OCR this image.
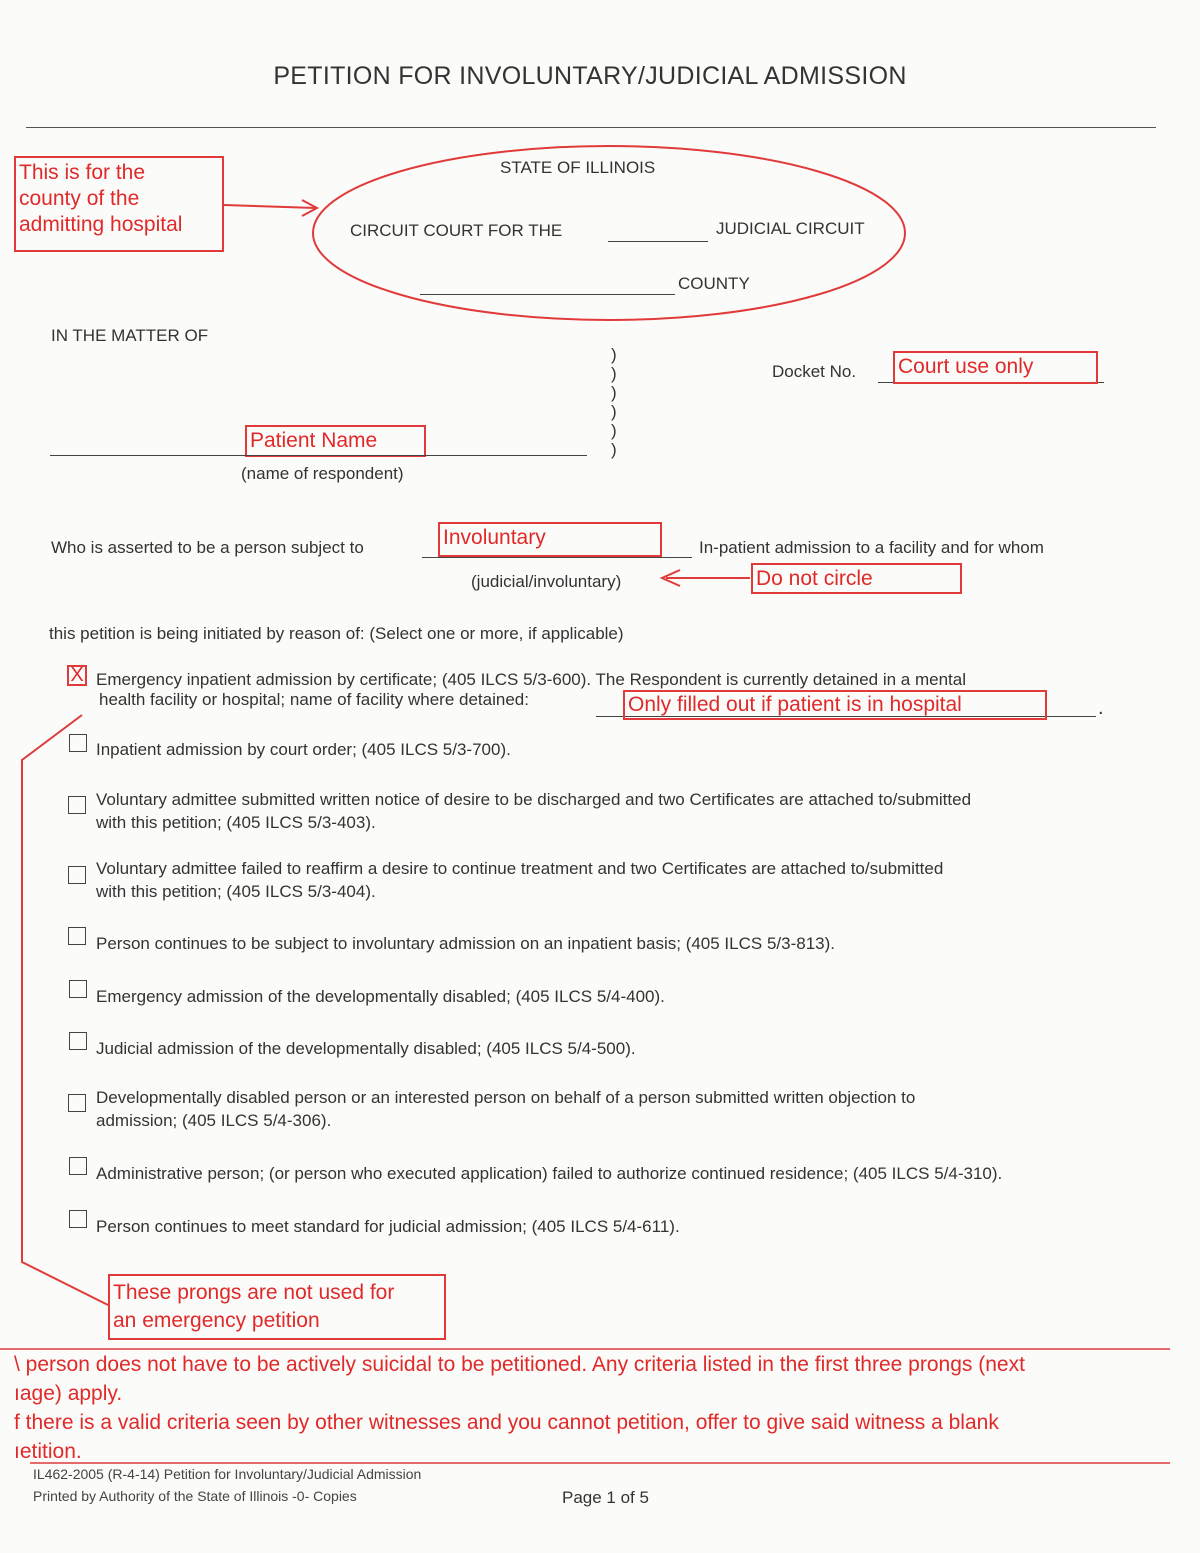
PETITION FOR INVOLUNTARY/JUDICIAL ADMISSION
This is for the
county of the
admitting hospital
STATE OF ILLINOIS
CIRCUIT COURT FOR THE	JUDICIAL CIRCUIT
COUNTY
IN THE MATTER OF
)
)
)
)
)
)
Docket No. Court use only
Patient Name
(name of respondent)
Who is asserted to be a person subject to	Involuntary	In-patient admission to a facility and for whom
(judicial/involuntary)	Do not circle
this petition is being initiated by reason of: (Select one or more, if applicable)
X Emergency inpatient admission by certificate; (405 ILCS 5/3-600). The Respondent is currently detained in a mental
health facility or hospital; name of facility where detained:	Only filled out if patient is in hospital	.
Inpatient admission by court order; (405 ILCS 5/3-700).
Voluntary admittee submitted written notice of desire to be discharged and two Certificates are attached to/submitted
with this petition; (405 ILCS 5/3-403).
Voluntary admittee failed to reaffirm a desire to continue treatment and two Certificates are attached to/submitted
with this petition; (405 ILCS 5/3-404).
Person continues to be subject to involuntary admission on an inpatient basis; (405 ILCS 5/3-813).
Emergency admission of the developmentally disabled; (405 ILCS 5/4-400).
Judicial admission of the developmentally disabled; (405 ILCS 5/4-500).
Developmentally disabled person or an interested person on behalf of a person submitted written objection to
admission; (405 ILCS 5/4-306).
Administrative person; (or person who executed application) failed to authorize continued residence; (405 ILCS 5/4-310).
Person continues to meet standard for judicial admission; (405 ILCS 5/4-611).
These prongs are not used for
an emergency petition
\ person does not have to be actively suicidal to be petitioned. Any criteria listed in the first three prongs (next
ıage) apply.
f there is a valid criteria seen by other witnesses and you cannot petition, offer to give said witness a blank
ıetition.
IL462-2005 (R-4-14) Petition for Involuntary/Judicial Admission
Printed by Authority of the State of Illinois -0- Copies	Page 1 of 5
